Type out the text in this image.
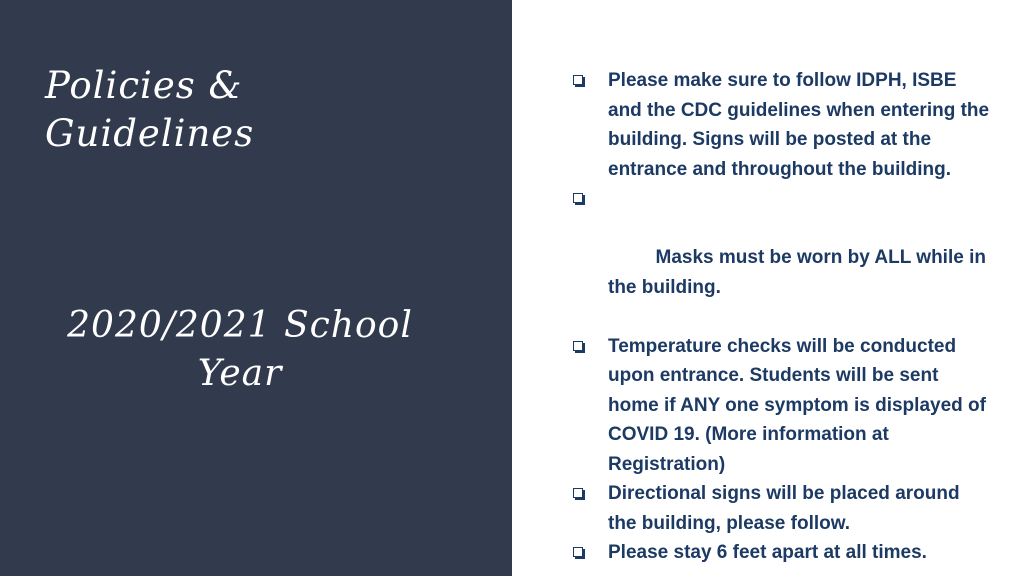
Policies &
Guidelines
2020/2021 School
Year
Please make sure to follow IDPH, ISBE and the CDC guidelines when entering the building. Signs will be posted at the entrance and throughout the building.

Masks must be worn by ALL while in the building.

Temperature checks will be conducted upon entrance. Students will be sent home if ANY one symptom is displayed of COVID 19. (More information at Registration)
Directional signs will be placed around the building, please follow.
Please stay 6 feet apart at all times.
